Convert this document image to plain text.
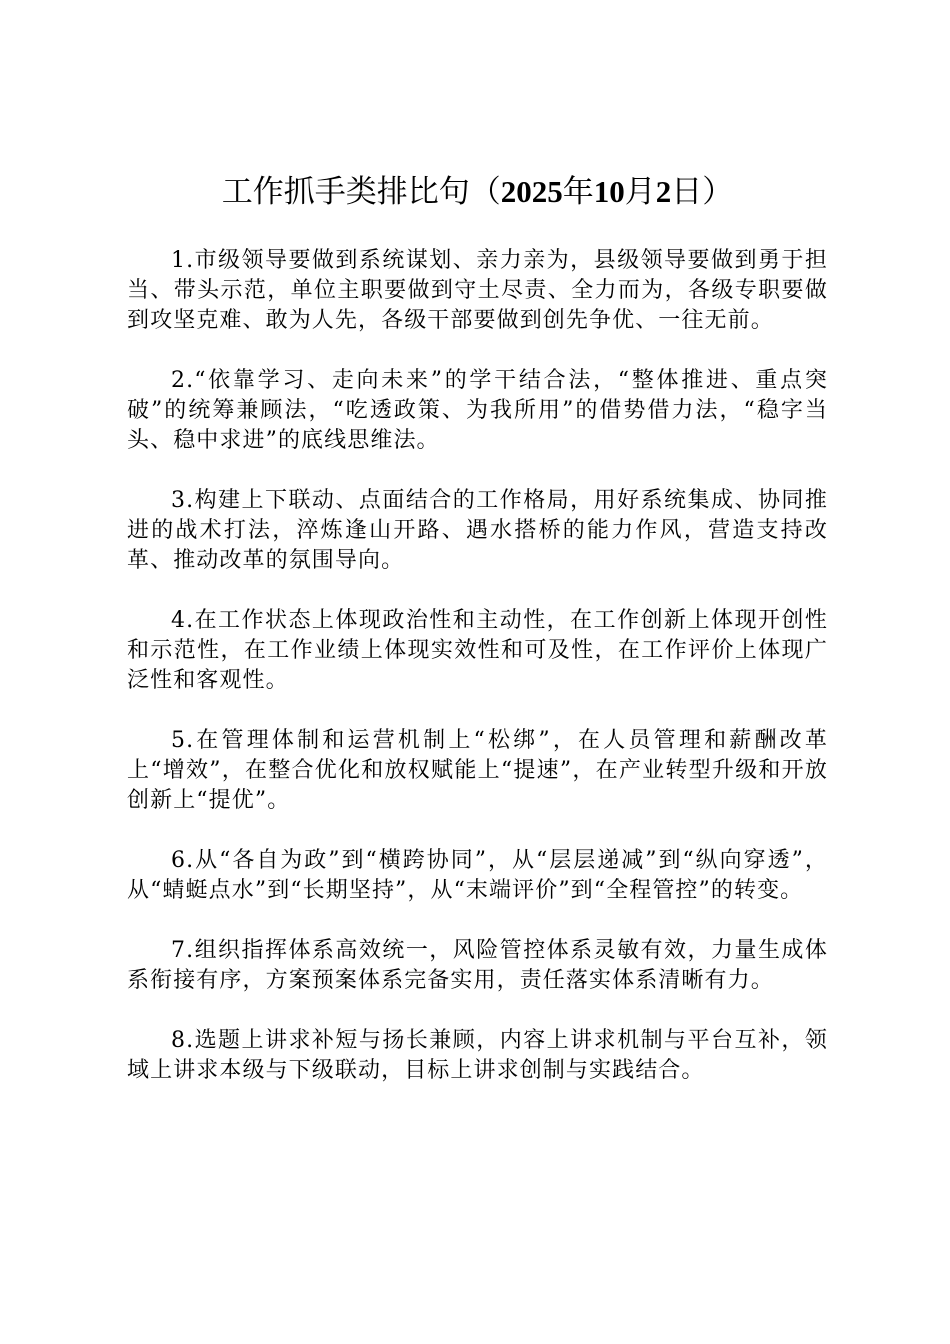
工作抓手类排比句（2025年10月2日）

1.市级领导要做到系统谋划、亲力亲为，县级领导要做到勇于担当、带头示范，单位主职要做到守土尽责、全力而为，各级专职要做到攻坚克难、敢为人先，各级干部要做到创先争优、一往无前。

2.“依靠学习、走向未来”的学干结合法，“整体推进、重点突破”的统筹兼顾法，“吃透政策、为我所用”的借势借力法，“稳字当头、稳中求进”的底线思维法。

3.构建上下联动、点面结合的工作格局，用好系统集成、协同推进的战术打法，淬炼逢山开路、遇水搭桥的能力作风，营造支持改革、推动改革的氛围导向。

4.在工作状态上体现政治性和主动性，在工作创新上体现开创性和示范性，在工作业绩上体现实效性和可及性，在工作评价上体现广泛性和客观性。

5.在管理体制和运营机制上“松绑”，在人员管理和薪酬改革上“增效”，在整合优化和放权赋能上“提速”，在产业转型升级和开放创新上“提优”。

6.从“各自为政”到“横跨协同”，从“层层递减”到“纵向穿透”，从“蜻蜓点水”到“长期坚持”，从“末端评价”到“全程管控”的转变。

7.组织指挥体系高效统一，风险管控体系灵敏有效，力量生成体系衔接有序，方案预案体系完备实用，责任落实体系清晰有力。

8.选题上讲求补短与扬长兼顾，内容上讲求机制与平台互补，领域上讲求本级与下级联动，目标上讲求创制与实践结合。
